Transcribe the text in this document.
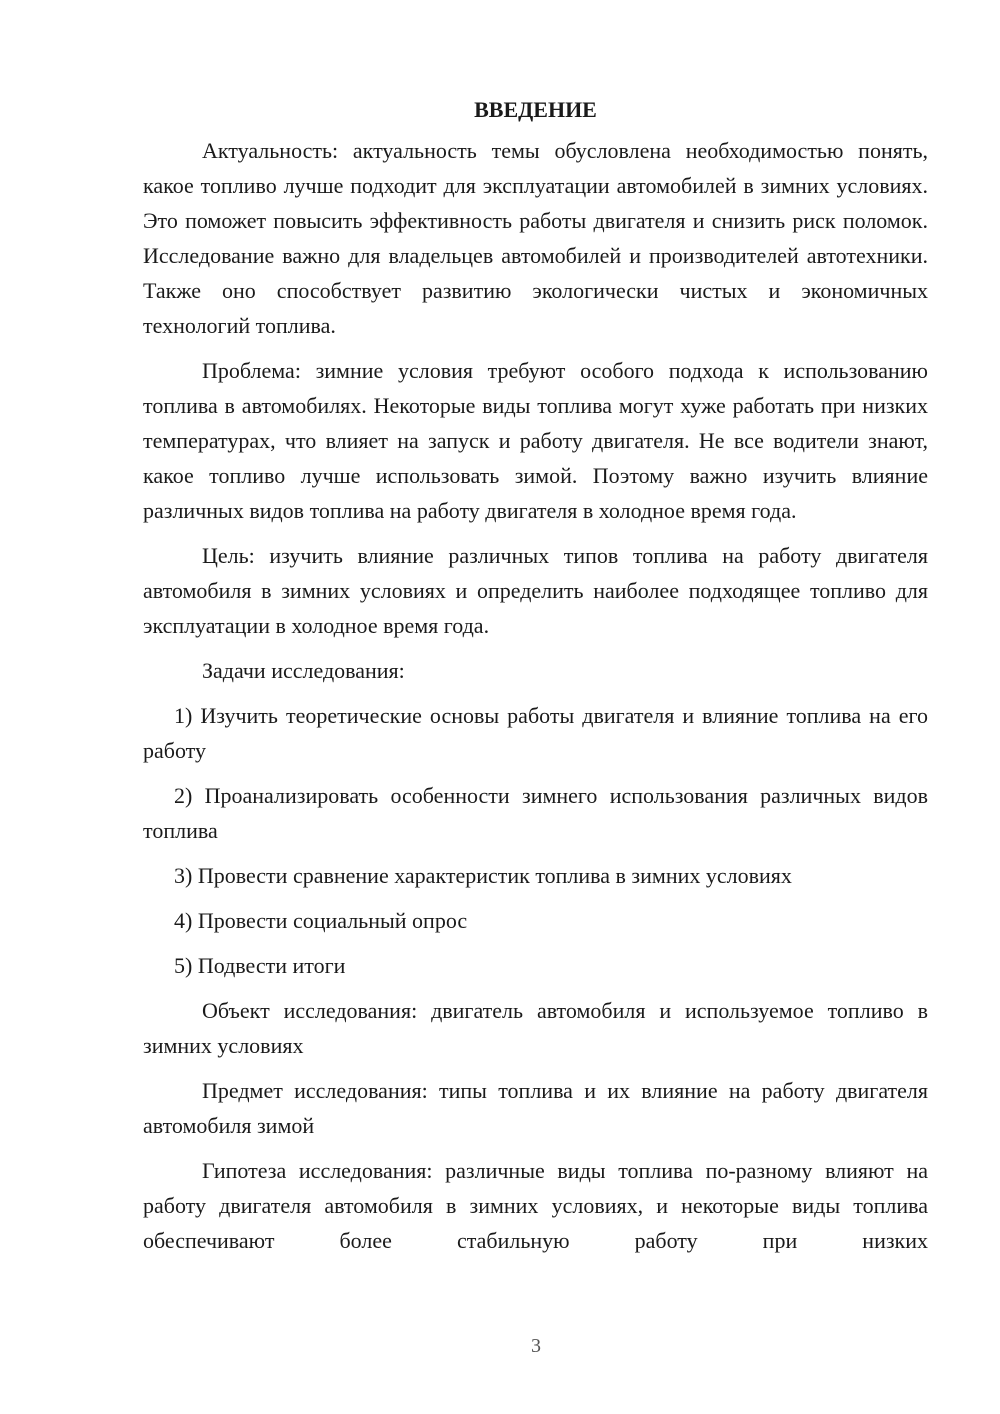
ВВЕДЕНИЕ

Актуальность: актуальность темы обусловлена необходимостью понять, какое топливо лучше подходит для эксплуатации автомобилей в зимних условиях. Это поможет повысить эффективность работы двигателя и снизить риск поломок. Исследование важно для владельцев автомобилей и производителей автотехники. Также оно способствует развитию экологически чистых и экономичных технологий топлива.

Проблема: зимние условия требуют особого подхода к использованию топлива в автомобилях. Некоторые виды топлива могут хуже работать при низких температурах, что влияет на запуск и работу двигателя. Не все водители знают, какое топливо лучше использовать зимой. Поэтому важно изучить влияние различных видов топлива на работу двигателя в холодное время года.

Цель: изучить влияние различных типов топлива на работу двигателя автомобиля в зимних условиях и определить наиболее подходящее топливо для эксплуатации в холодное время года.

Задачи исследования:

1) Изучить теоретические основы работы двигателя и влияние топлива на его работу

2) Проанализировать особенности зимнего использования различных видов топлива

3) Провести сравнение характеристик топлива в зимних условиях

4) Провести социальный опрос

5) Подвести итоги

Объект исследования: двигатель автомобиля и используемое топливо в зимних условиях

Предмет исследования: типы топлива и их влияние на работу двигателя автомобиля зимой

Гипотеза исследования: различные виды топлива по-разному влияют на работу двигателя автомобиля в зимних условиях, и некоторые виды топлива обеспечивают более стабильную работу при низких

3
